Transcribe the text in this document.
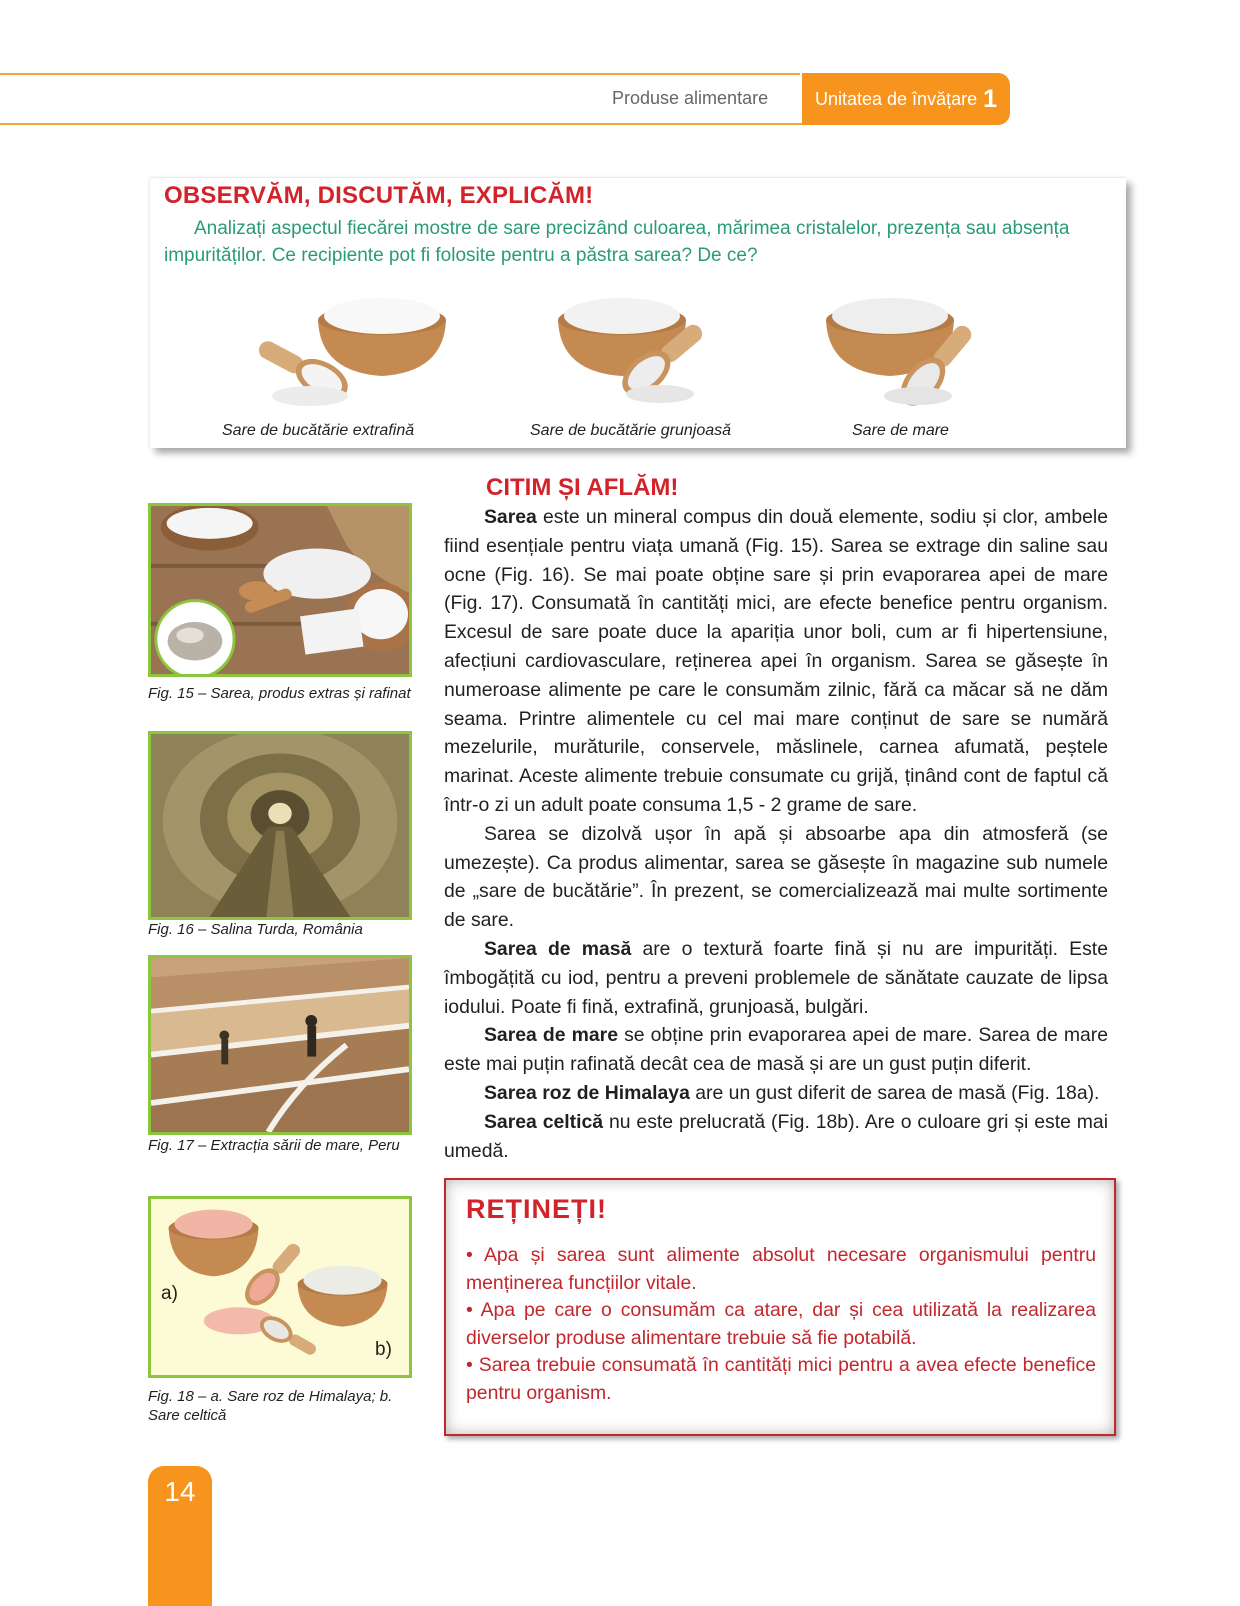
Produse alimentare	Unitatea de învățare 1
OBSERVĂM, DISCUTĂM, EXPLICĂM!
Analizați aspectul fiecărei mostre de sare precizând culoarea, mărimea cristalelor, prezența sau absența impurităților. Ce recipiente pot fi folosite pentru a păstra sarea? De ce?
Sare de bucătărie extrafină	Sare de bucătărie grunjoasă	Sare de mare
Fig. 15 – Sarea, produs extras și rafinat
Fig. 16 – Salina Turda, România
Fig. 17 – Extracția sării de mare, Peru
a)
b)
Fig. 18 – a. Sare roz de Himalaya; b. Sare celtică
CITIM ȘI AFLĂM!

Sarea este un mineral compus din două elemente, sodiu și clor, ambele fiind esențiale pentru viața umană (Fig. 15). Sarea se extrage din saline sau ocne (Fig. 16). Se mai poate obține sare și prin evaporarea apei de mare (Fig. 17). Consumată în cantități mici, are efecte benefice pentru organism. Excesul de sare poate duce la apariția unor boli, cum ar fi hipertensiune, afecțiuni cardiovasculare, reținerea apei în organism. Sarea se găsește în numeroase alimente pe care le consumăm zilnic, fără ca măcar să ne dăm seama. Printre alimentele cu cel mai mare conținut de sare se numără mezelurile, murăturile, conservele, măslinele, carnea afumată, peștele marinat. Aceste alimente trebuie consumate cu grijă, ținând cont de faptul că într-o zi un adult poate consuma 1,5 - 2 grame de sare.

Sarea se dizolvă ușor în apă și absoarbe apa din atmosferă (se umezește). Ca produs alimentar, sarea se găsește în magazine sub numele de „sare de bucătărie”. În prezent, se comercializează mai multe sortimente de sare.

Sarea de masă are o textură foarte fină și nu are impurități. Este îmbogățită cu iod, pentru a preveni problemele de sănătate cauzate de lipsa iodului. Poate fi fină, extrafină, grunjoasă, bulgări.

Sarea de mare se obține prin evaporarea apei de mare. Sarea de mare este mai puțin rafinată decât cea de masă și are un gust puțin diferit.

Sarea roz de Himalaya are un gust diferit de sarea de masă (Fig. 18a).

Sarea celtică nu este prelucrată (Fig. 18b). Are o culoare gri și este mai umedă.

REȚINEȚI!
• Apa și sarea sunt alimente absolut necesare organismului pentru menținerea funcțiilor vitale.
• Apa pe care o consumăm ca atare, dar și cea utilizată la realizarea diverselor produse alimentare trebuie să fie potabilă.
• Sarea trebuie consumată în cantități mici pentru a avea efecte benefice pentru organism.
14
